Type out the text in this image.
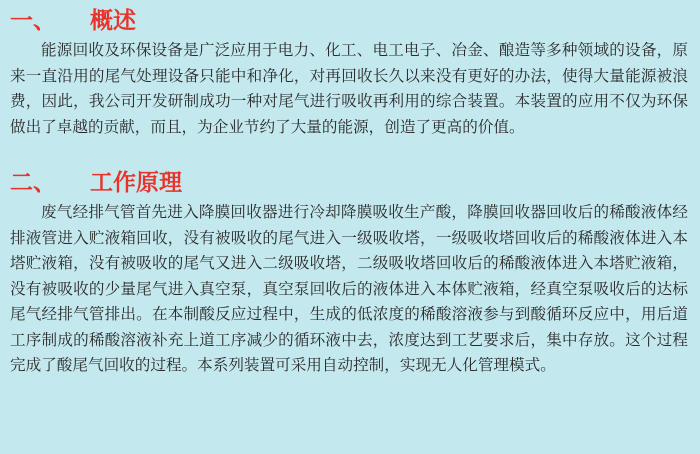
一、 概述

能源回收及环保设备是广泛应用于电力、化工、电工电子、冶金、酿造等多种领域的设备，原来一直沿用的尾气处理设备只能中和净化，对再回收长久以来没有更好的办法，使得大量能源被浪费，因此，我公司开发研制成功一种对尾气进行吸收再利用的综合装置。本装置的应用不仅为环保做出了卓越的贡献，而且，为企业节约了大量的能源，创造了更高的价值。

二、 工作原理

废气经排气管首先进入降膜回收器进行冷却降膜吸收生产酸，降膜回收器回收后的稀酸液体经排液管进入贮液箱回收，没有被吸收的尾气进入一级吸收塔，一级吸收塔回收后的稀酸液体进入本塔贮液箱，没有被吸收的尾气又进入二级吸收塔，二级吸收塔回收后的稀酸液体进入本塔贮液箱，没有被吸收的少量尾气进入真空泵，真空泵回收后的液体进入本体贮液箱，经真空泵吸收后的达标尾气经排气管排出。在本制酸反应过程中，生成的低浓度的稀酸溶液参与到酸循环反应中，用后道工序制成的稀酸溶液补充上道工序减少的循环液中去，浓度达到工艺要求后，集中存放。这个过程完成了酸尾气回收的过程。本系列装置可采用自动控制，实现无人化管理模式。
